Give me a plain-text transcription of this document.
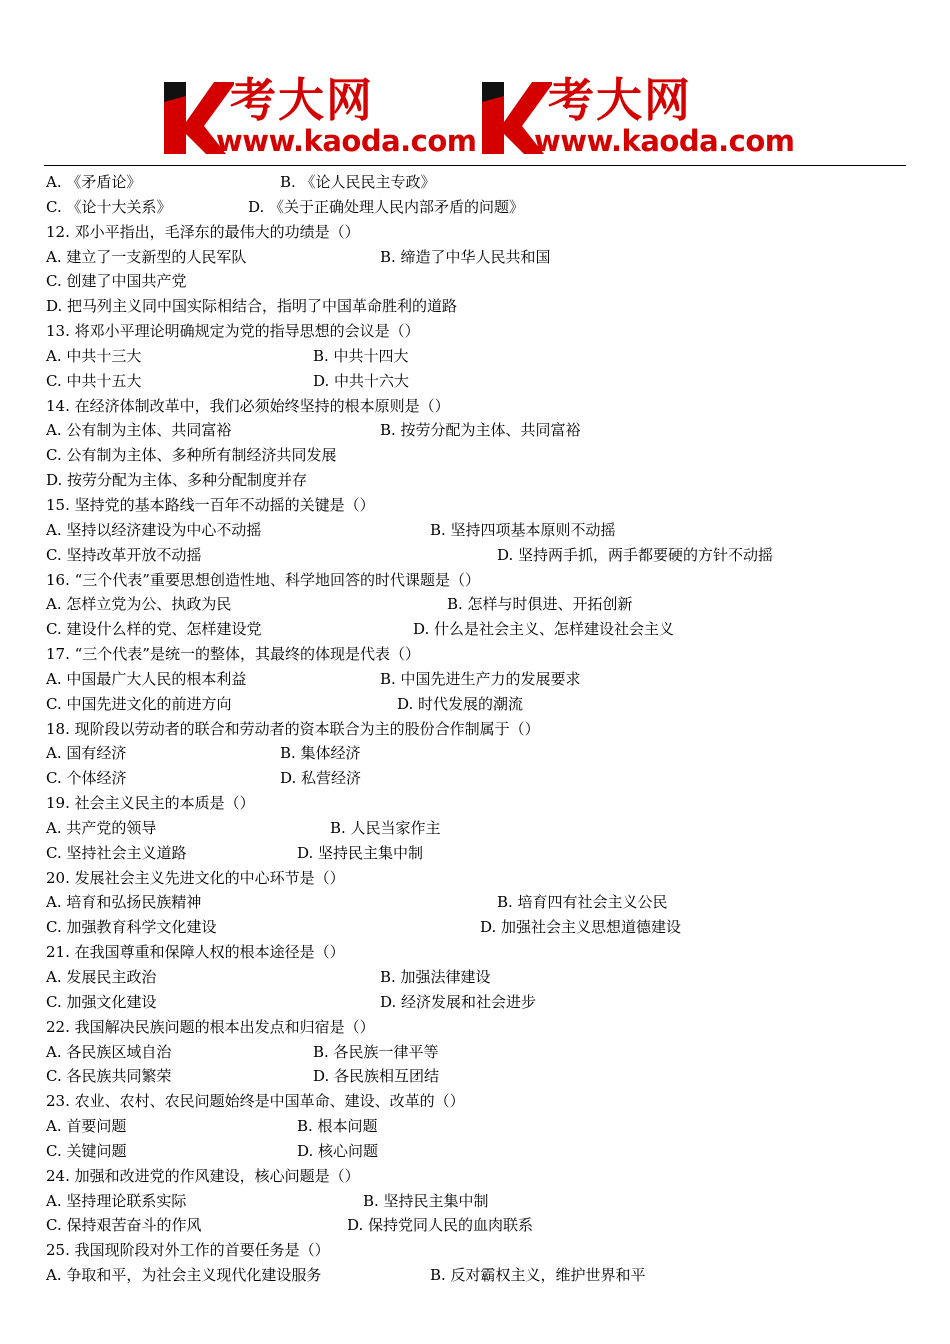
考大网
www.kaoda.com
考大网
www.kaoda.com
A. 《矛盾论》	B. 《论人民民主专政》
C. 《论十大关系》	D. 《关于正确处理人民内部矛盾的问题》
12. 邓小平指出，毛泽东的最伟大的功绩是（）
A. 建立了一支新型的人民军队	B. 缔造了中华人民共和国
C. 创建了中国共产党
D. 把马列主义同中国实际相结合，指明了中国革命胜利的道路
13. 将邓小平理论明确规定为党的指导思想的会议是（）
A. 中共十三大	B. 中共十四大
C. 中共十五大	D. 中共十六大
14. 在经济体制改革中，我们必须始终坚持的根本原则是（）
A. 公有制为主体、共同富裕	B. 按劳分配为主体、共同富裕
C. 公有制为主体、多种所有制经济共同发展
D. 按劳分配为主体、多种分配制度并存
15. 坚持党的基本路线一百年不动摇的关键是（）
A. 坚持以经济建设为中心不动摇	B. 坚持四项基本原则不动摇
C. 坚持改革开放不动摇	D. 坚持两手抓，两手都要硬的方针不动摇
16. “三个代表”重要思想创造性地、科学地回答的时代课题是（）
A. 怎样立党为公、执政为民	B. 怎样与时俱进、开拓创新
C. 建设什么样的党、怎样建设党	D. 什么是社会主义、怎样建设社会主义
17. “三个代表”是统一的整体，其最终的体现是代表（）
A. 中国最广大人民的根本利益	B. 中国先进生产力的发展要求
C. 中国先进文化的前进方向	D. 时代发展的潮流
18. 现阶段以劳动者的联合和劳动者的资本联合为主的股份合作制属于（）
A. 国有经济	B. 集体经济
C. 个体经济	D. 私营经济
19. 社会主义民主的本质是（）
A. 共产党的领导	B. 人民当家作主
C. 坚持社会主义道路	D. 坚持民主集中制
20. 发展社会主义先进文化的中心环节是（）
A. 培育和弘扬民族精神	B. 培育四有社会主义公民
C. 加强教育科学文化建设	D. 加强社会主义思想道德建设
21. 在我国尊重和保障人权的根本途径是（）
A. 发展民主政治	B. 加强法律建设
C. 加强文化建设	D. 经济发展和社会进步
22. 我国解决民族问题的根本出发点和归宿是（）
A. 各民族区域自治	B. 各民族一律平等
C. 各民族共同繁荣	D. 各民族相互团结
23. 农业、农村、农民问题始终是中国革命、建设、改革的（）
A. 首要问题	B. 根本问题
C. 关键问题	D. 核心问题
24. 加强和改进党的作风建设，核心问题是（）
A. 坚持理论联系实际	B. 坚持民主集中制
C. 保持艰苦奋斗的作风	D. 保持党同人民的血肉联系
25. 我国现阶段对外工作的首要任务是（）
A. 争取和平，为社会主义现代化建设服务	B. 反对霸权主义，维护世界和平
